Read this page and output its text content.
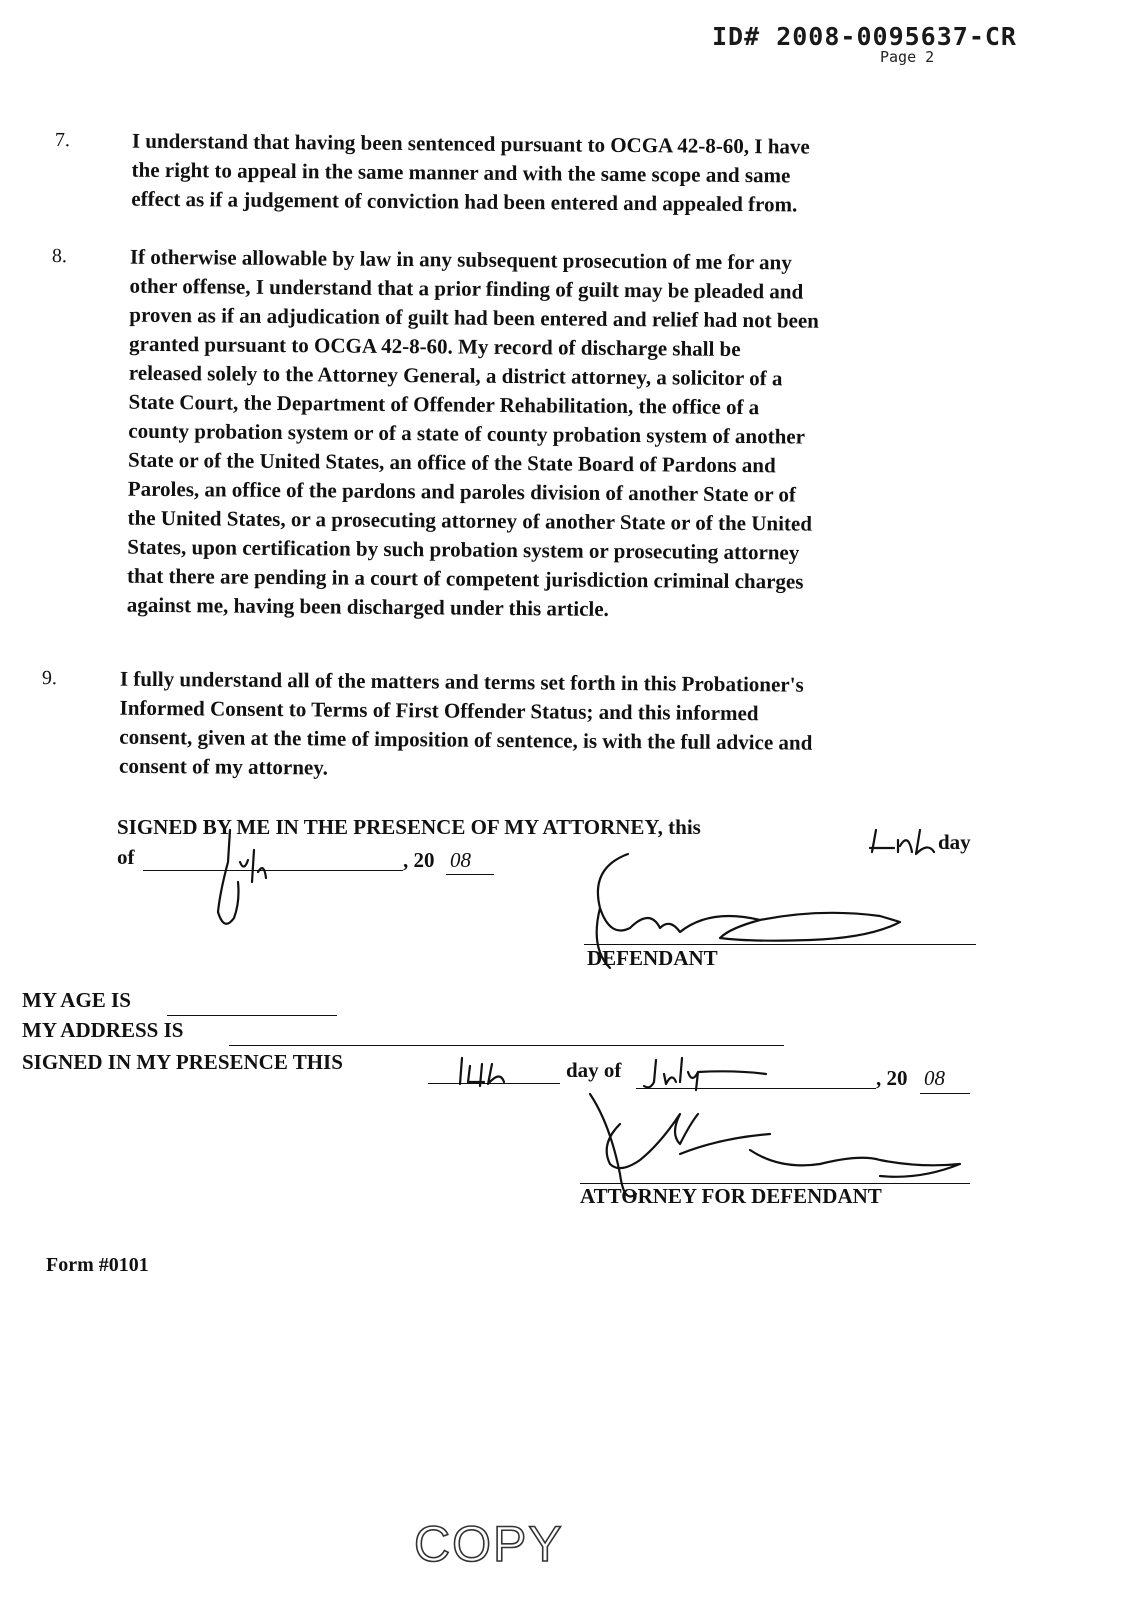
ID# 2008-0095637-CR
Page 2
7.	I understand that having been sentenced pursuant to OCGA 42-8-60, I have
the right to appeal in the same manner and with the same scope and same
effect as if a judgement of conviction had been entered and appealed from.
8.	If otherwise allowable by law in any subsequent prosecution of me for any
other offense, I understand that a prior finding of guilt may be pleaded and
proven as if an adjudication of guilt had been entered and relief had not been
granted pursuant to OCGA 42-8-60. My record of discharge shall be
released solely to the Attorney General, a district attorney, a solicitor of a
State Court, the Department of Offender Rehabilitation, the office of a
county probation system or of a state of county probation system of another
State or of the United States, an office of the State Board of Pardons and
Paroles, an office of the pardons and paroles division of another State or of
the United States, or a prosecuting attorney of another State or of the United
States, upon certification by such probation system or prosecuting attorney
that there are pending in a court of competent jurisdiction criminal charges
against me, having been discharged under this article.
9.	I fully understand all of the matters and terms set forth in this Probationer's
Informed Consent to Terms of First Offender Status; and this informed
consent, given at the time of imposition of sentence, is with the full advice and
consent of my attorney.
SIGNED BY ME IN THE PRESENCE OF MY ATTORNEY, this
day
of	, 20 08
DEFENDANT
MY AGE IS
MY ADDRESS IS
SIGNED IN MY PRESENCE THIS	day of	, 20 08
ATTORNEY FOR DEFENDANT
Form #0101
COPY
